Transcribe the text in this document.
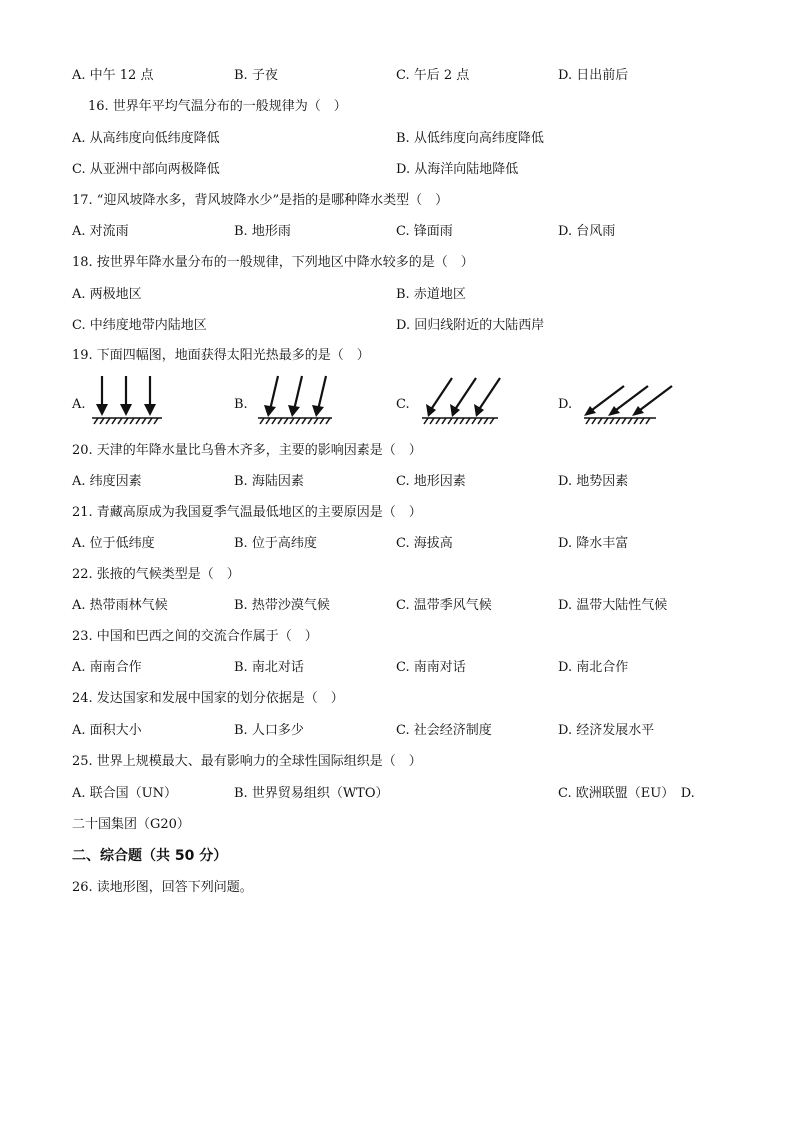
A. 中午 12 点	B. 子夜	C. 午后 2 点	D. 日出前后
16. 世界年平均气温分布的一般规律为（　）
A. 从高纬度向低纬度降低	B. 从低纬度向高纬度降低
C. 从亚洲中部向两极降低	D. 从海洋向陆地降低
17. “迎风坡降水多，背风坡降水少”是指的是哪种降水类型（　）
A. 对流雨	B. 地形雨	C. 锋面雨	D. 台风雨
18. 按世界年降水量分布的一般规律，下列地区中降水较多的是（　）
A. 两极地区	B. 赤道地区
C. 中纬度地带内陆地区	D. 回归线附近的大陆西岸
19. 下面四幅图，地面获得太阳光热最多的是（　）
A.	B.	C.	D.
20. 天津的年降水量比乌鲁木齐多，主要的影响因素是（　）
A. 纬度因素	B. 海陆因素	C. 地形因素	D. 地势因素
21. 青藏高原成为我国夏季气温最低地区的主要原因是（　）
A. 位于低纬度	B. 位于高纬度	C. 海拔高	D. 降水丰富
22. 张掖的气候类型是（　）
A. 热带雨林气候	B. 热带沙漠气候	C. 温带季风气候	D. 温带大陆性气候
23. 中国和巴西之间的交流合作属于（　）
A. 南南合作	B. 南北对话	C. 南南对话	D. 南北合作
24. 发达国家和发展中国家的划分依据是（　）
A. 面积大小	B. 人口多少	C. 社会经济制度	D. 经济发展水平
25. 世界上规模最大、最有影响力的全球性国际组织是（　）
A. 联合国（UN）	B. 世界贸易组织（WTO）	C. 欧洲联盟（EU）　D.
二十国集团（G20）
二、综合题（共 50 分）
26. 读地形图，回答下列问题。
